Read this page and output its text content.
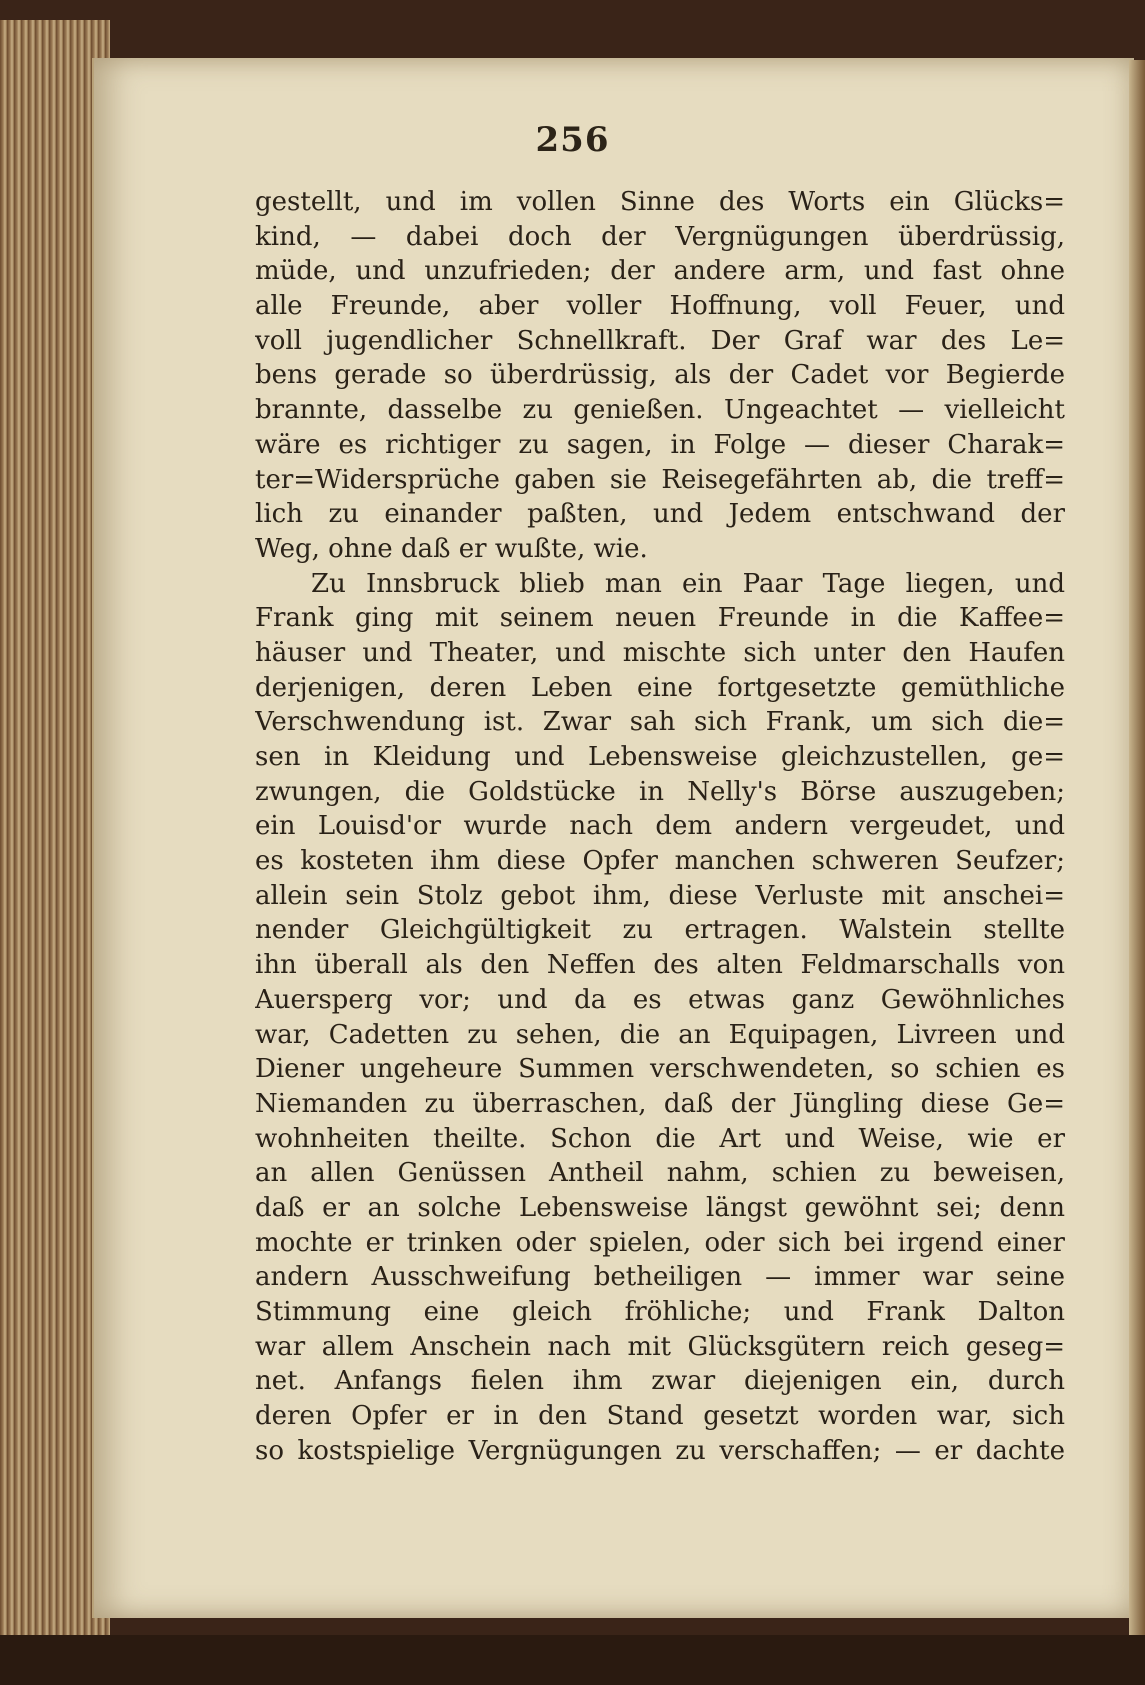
256
gestellt, und im vollen Sinne des Worts ein Glücks=
kind, — dabei doch der Vergnügungen überdrüssig,
müde, und unzufrieden; der andere arm, und fast ohne
alle Freunde, aber voller Hoffnung, voll Feuer, und
voll jugendlicher Schnellkraft. Der Graf war des Le=
bens gerade so überdrüssig, als der Cadet vor Begierde
brannte, dasselbe zu genießen. Ungeachtet — vielleicht
wäre es richtiger zu sagen, in Folge — dieser Charak=
ter=Widersprüche gaben sie Reisegefährten ab, die treff=
lich zu einander paßten, und Jedem entschwand der
Weg, ohne daß er wußte, wie.
Zu Innsbruck blieb man ein Paar Tage liegen, und
Frank ging mit seinem neuen Freunde in die Kaffee=
häuser und Theater, und mischte sich unter den Haufen
derjenigen, deren Leben eine fortgesetzte gemüthliche
Verschwendung ist. Zwar sah sich Frank, um sich die=
sen in Kleidung und Lebensweise gleichzustellen, ge=
zwungen, die Goldstücke in Nelly's Börse auszugeben;
ein Louisd'or wurde nach dem andern vergeudet, und
es kosteten ihm diese Opfer manchen schweren Seufzer;
allein sein Stolz gebot ihm, diese Verluste mit anschei=
nender Gleichgültigkeit zu ertragen. Walstein stellte
ihn überall als den Neffen des alten Feldmarschalls von
Auersperg vor; und da es etwas ganz Gewöhnliches
war, Cadetten zu sehen, die an Equipagen, Livreen und
Diener ungeheure Summen verschwendeten, so schien es
Niemanden zu überraschen, daß der Jüngling diese Ge=
wohnheiten theilte. Schon die Art und Weise, wie er
an allen Genüssen Antheil nahm, schien zu beweisen,
daß er an solche Lebensweise längst gewöhnt sei; denn
mochte er trinken oder spielen, oder sich bei irgend einer
andern Ausschweifung betheiligen — immer war seine
Stimmung eine gleich fröhliche; und Frank Dalton
war allem Anschein nach mit Glücksgütern reich geseg=
net. Anfangs fielen ihm zwar diejenigen ein, durch
deren Opfer er in den Stand gesetzt worden war, sich
so kostspielige Vergnügungen zu verschaffen; — er dachte
